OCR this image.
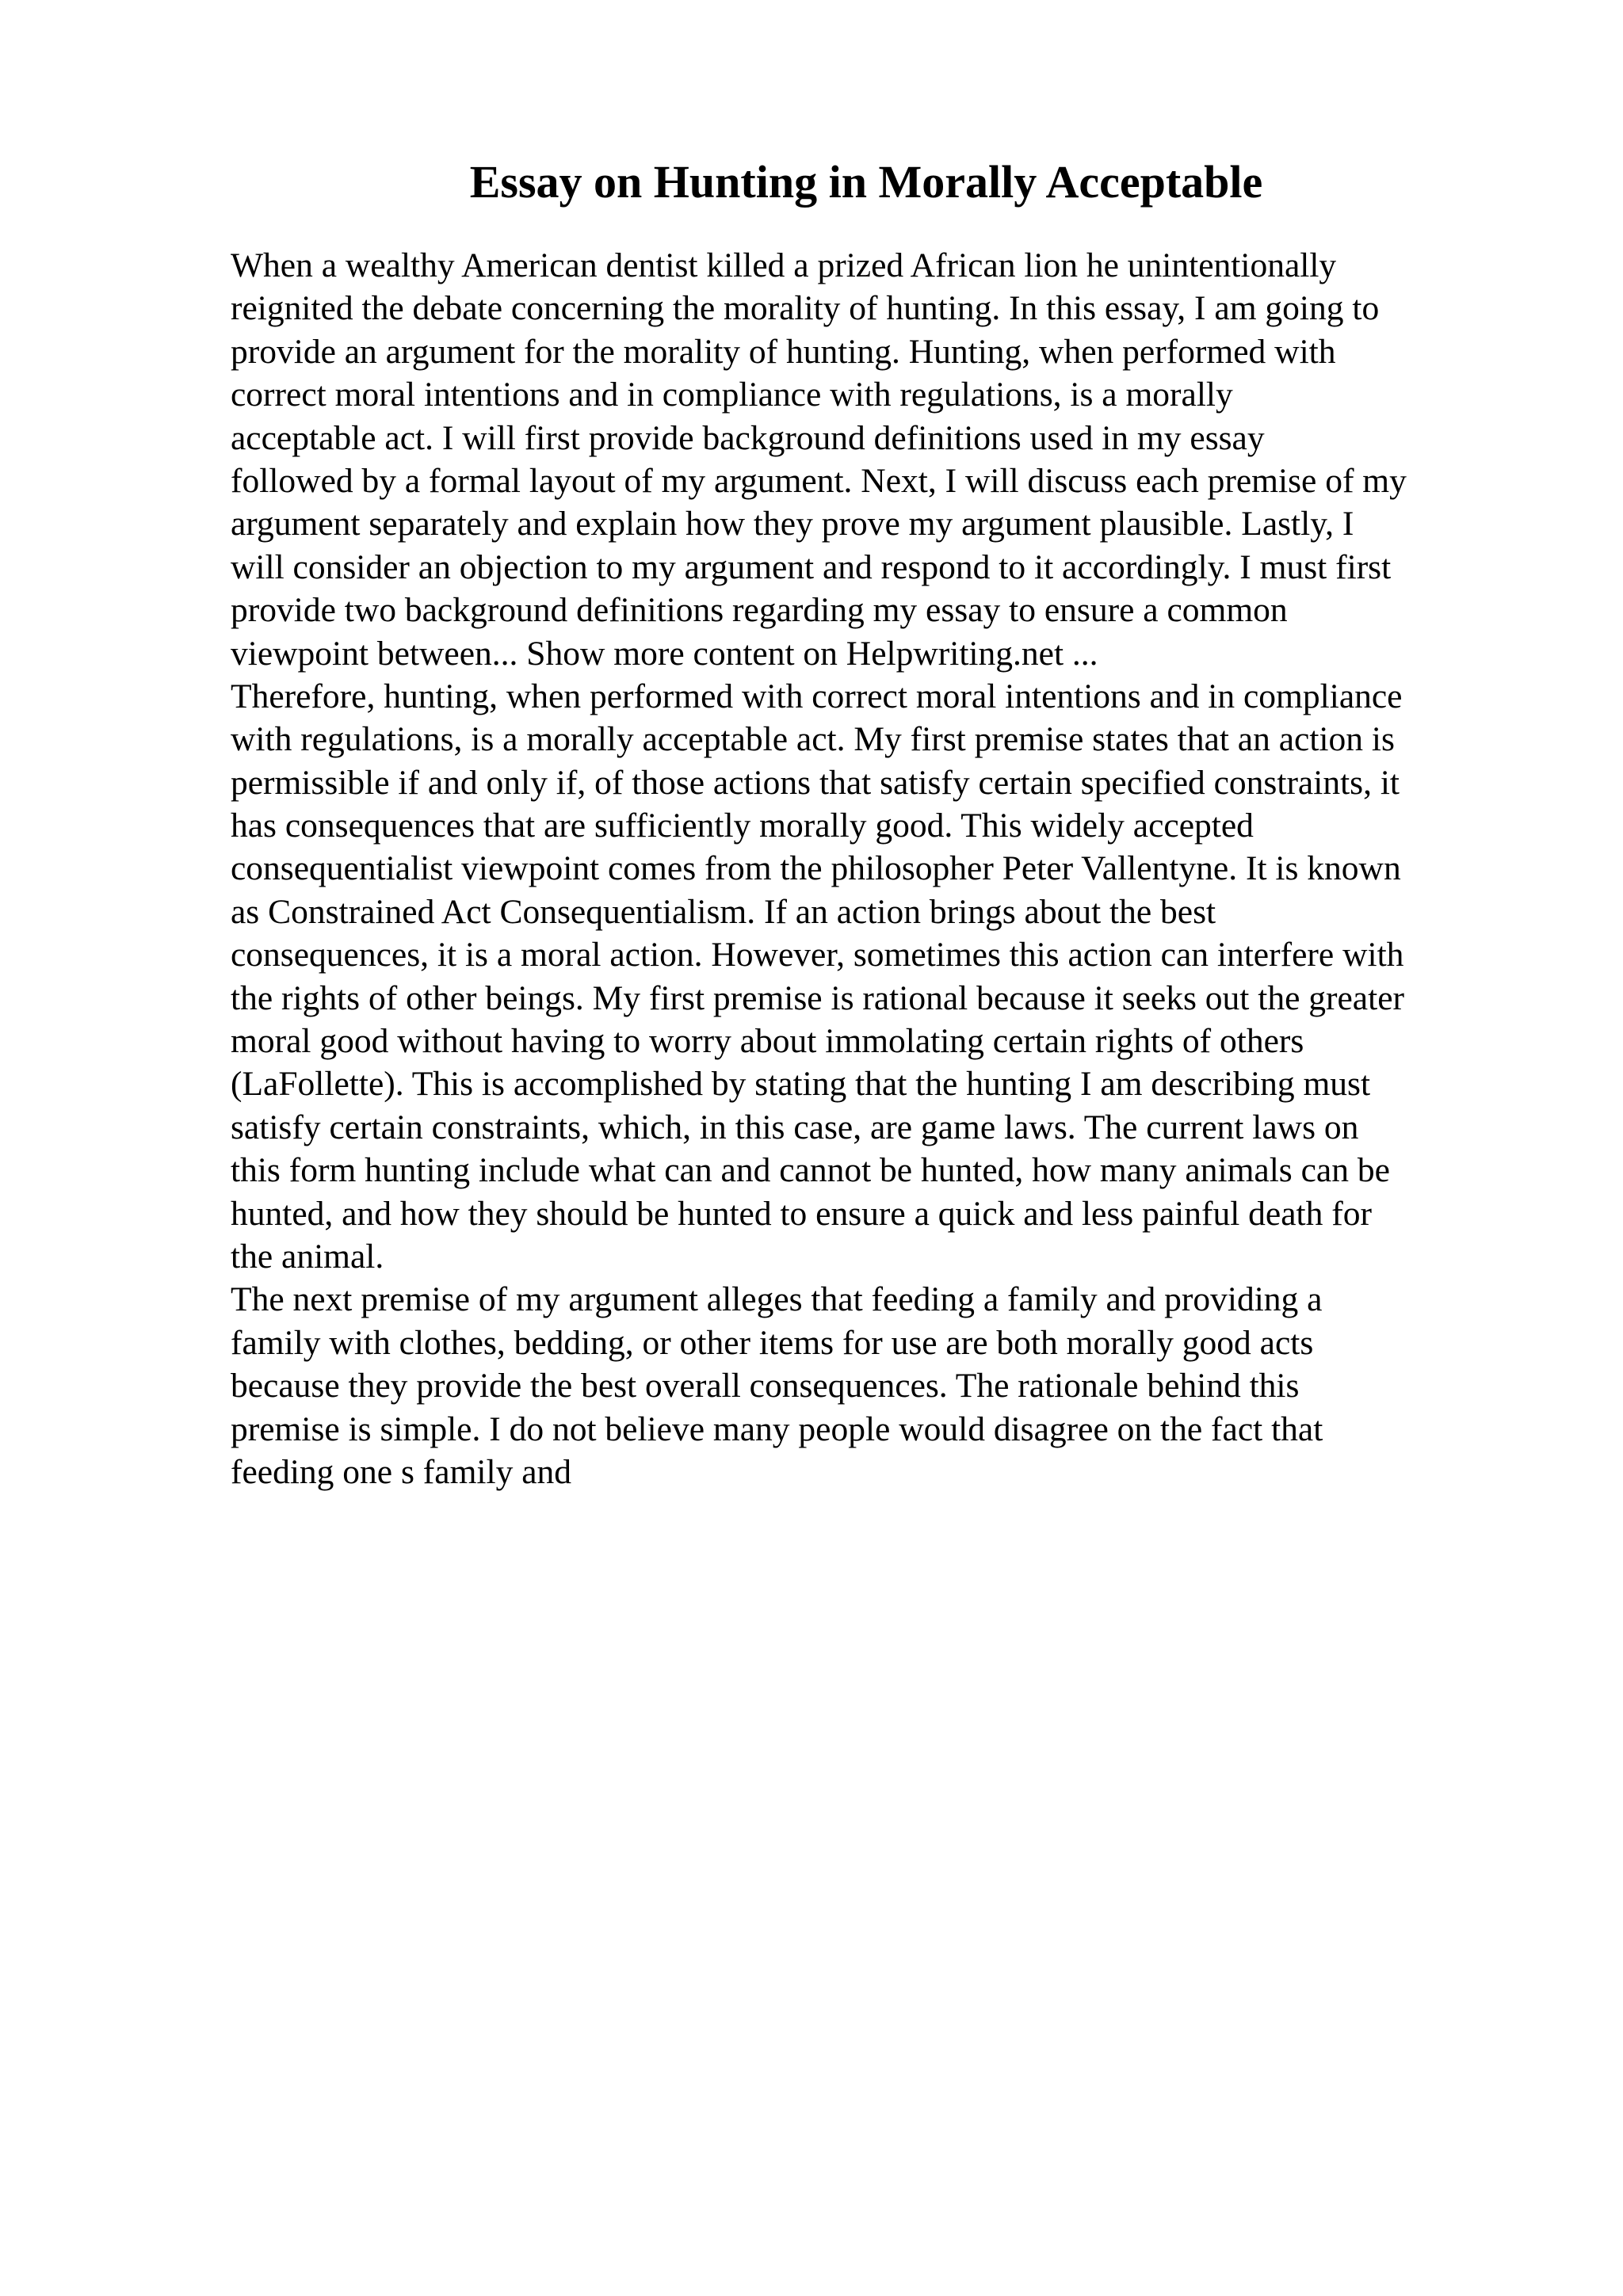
Essay on Hunting in Morally Acceptable
When a wealthy American dentist killed a prized African lion he unintentionally
reignited the debate concerning the morality of hunting. In this essay, I am going to
provide an argument for the morality of hunting. Hunting, when performed with
correct moral intentions and in compliance with regulations, is a morally
acceptable act. I will first provide background definitions used in my essay
followed by a formal layout of my argument. Next, I will discuss each premise of my
argument separately and explain how they prove my argument plausible. Lastly, I
will consider an objection to my argument and respond to it accordingly. I must first
provide two background definitions regarding my essay to ensure a common
viewpoint between... Show more content on Helpwriting.net ...
Therefore, hunting, when performed with correct moral intentions and in compliance
with regulations, is a morally acceptable act. My first premise states that an action is
permissible if and only if, of those actions that satisfy certain specified constraints, it
has consequences that are sufficiently morally good. This widely accepted
consequentialist viewpoint comes from the philosopher Peter Vallentyne. It is known
as Constrained Act Consequentialism. If an action brings about the best
consequences, it is a moral action. However, sometimes this action can interfere with
the rights of other beings. My first premise is rational because it seeks out the greater
moral good without having to worry about immolating certain rights of others
(LaFollette). This is accomplished by stating that the hunting I am describing must
satisfy certain constraints, which, in this case, are game laws. The current laws on
this form hunting include what can and cannot be hunted, how many animals can be
hunted, and how they should be hunted to ensure a quick and less painful death for
the animal.
The next premise of my argument alleges that feeding a family and providing a
family with clothes, bedding, or other items for use are both morally good acts
because they provide the best overall consequences. The rationale behind this
premise is simple. I do not believe many people would disagree on the fact that
feeding one s family and
